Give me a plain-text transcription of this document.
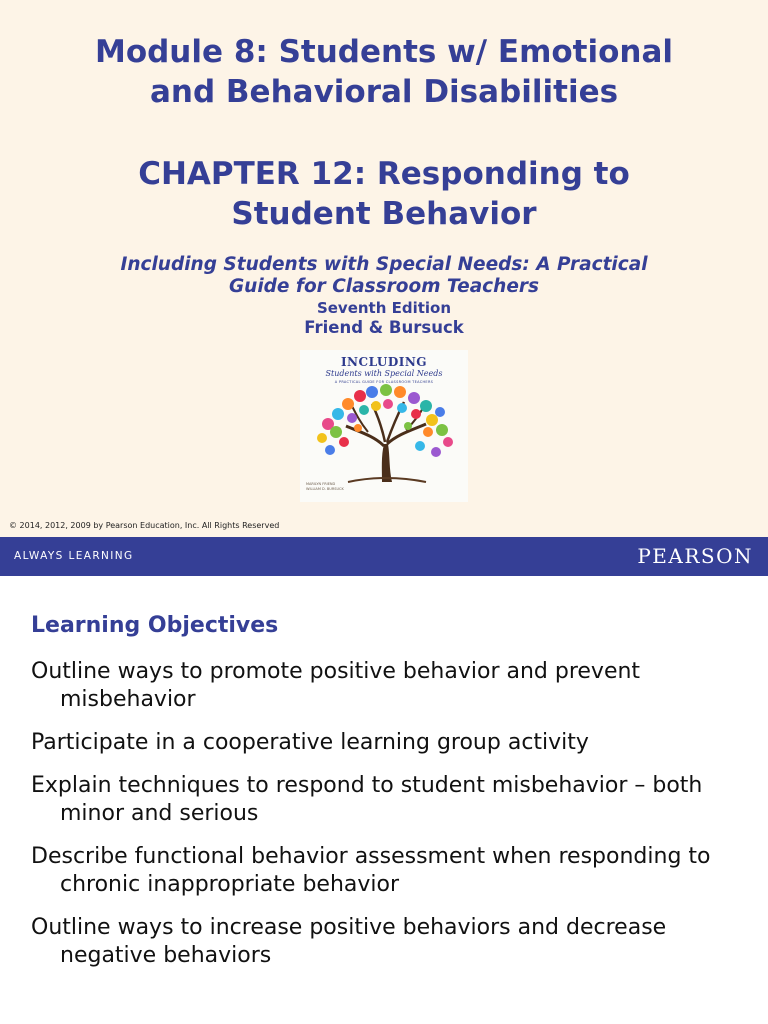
Module 8: Students w/ Emotional
and Behavioral Disabilities
CHAPTER 12: Responding to
Student Behavior
Including Students with Special Needs: A Practical
Guide for Classroom Teachers
Seventh Edition
Friend & Bursuck
INCLUDING
Students with Special Needs
A PRACTICAL GUIDE FOR CLASSROOM TEACHERS
MARILYN FRIEND
WILLIAM D. BURSUCK
© 2014, 2012, 2009 by Pearson Education, Inc. All Rights Reserved
ALWAYS LEARNING	PEARSON
Learning Objectives
Outline ways to promote positive behavior and prevent misbehavior
Participate in a cooperative learning group activity
Explain techniques to respond to student misbehavior – both minor and serious
Describe functional behavior assessment when responding to chronic inappropriate behavior
Outline ways to increase positive behaviors and decrease negative behaviors
